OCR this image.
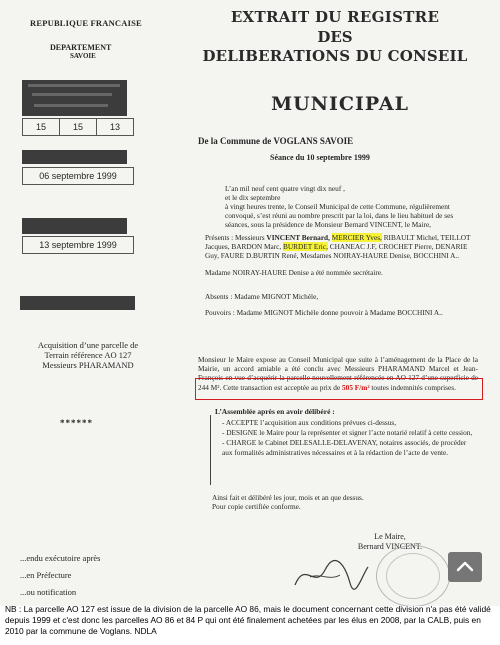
EXTRAIT DU REGISTRE
DES
DELIBERATIONS DU CONSEIL
MUNICIPAL
REPUBLIQUE FRANCAISE
DEPARTEMENT
SAVOIE
15	15	13
06 septembre 1999
13 septembre 1999
Acquisition d’une parcelle de
Terrain référence AO 127
Messieurs PHARAMAND
******
...endu exécutoire après
...en Préfecture
...ou notification
De la Commune de VOGLANS SAVOIE
Séance du 10 septembre 1999
L’an mil neuf cent quatre vingt dix neuf ,
et le dix septembre
à vingt heures trente, le Conseil Municipal de cette Commune, régulièrement convoqué, s’est réuni au nombre prescrit par la loi, dans le lieu habituel de ses séances, sous la présidence de Monsieur Bernard VINCENT, le Maire,
Présents : Messieurs VINCENT Bernard, MERCIER Yves, RIBAULT Michel, TEILLOT Jacques, BARDON Marc, BURDET Eric, CHANEAC J.F, CROCHET Pierre, DENARIE Guy, FAURE D.BURTIN René, Mesdames NOIRAY-HAURE Denise, BOCCHINI A..
Madame NOIRAY-HAURE Denise a été nommée secrétaire.
Absents : Madame MIGNOT Michèle,
Pouvoirs : Madame MIGNOT Michèle donne pouvoir à Madame BOCCHINI A..
Monsieur le Maire expose au Conseil Municipal que suite à l’aménagement de la Place de la Mairie, un accord amiable a été conclu avec Messieurs PHARAMAND Marcel et Jean-François en vue d’acquérir la parcelle nouvellement référencée en AO 127 d’une superficie de 244 M². Cette transaction est acceptée au prix de 505 F/m² toutes indemnités comprises.
L’Assemblée après en avoir délibéré :

- ACCEPTE l’acquisition aux conditions prévues ci-dessus,

- DESIGNE le Maire pour la représenter et signer l’acte notarié relatif à cette cession,

- CHARGE le Cabinet DELESALLE-DELAVENAY, notaires associés, de procéder aux formalités administratives nécessaires et à la rédaction de l’acte de vente.

Ainsi fait et délibéré les jour, mois et an que dessus.
Pour copie certifiée conforme.
Le Maire,
Bernard VINCENT.
NB : La parcelle AO 127 est issue de la division de la parcelle AO 86, mais le document concernant cette division n'a pas été validé depuis 1999 et c'est donc les parcelles AO 86 et 84 P qui ont été finalement achetées par les élus en 2008, par la CALB, puis en 2010 par la commune de Voglans. NDLA
